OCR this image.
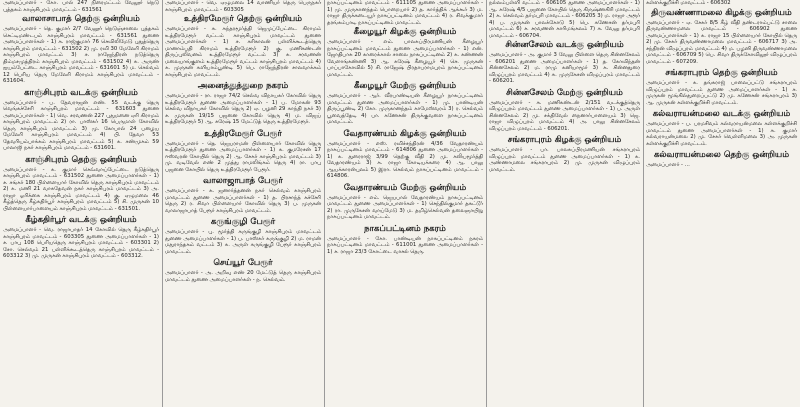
அமைப்பாளர் - கோ. பால் 247 நிரைமட்டம் வேலூர் நெடு புத்தகம் காஞ்சிபுரம் மாவட்டம் - 631561

வாலாசாபாத் தெற்கு ஒன்றியம்

அமைப்பாளர் - தெ. குமார் 2/7 வேலூர் நெடுஞ்சாலை புத்தகம் செட்டிமண்டபம் காஞ்சிபுரம் மாவட்டம் - 631561 துணை அமைப்பாளர்கள் - 1) சு. ராஜ்குமார் 76 செவிலிமேடு புதுத்தெரு காஞ்சிபுரம் மாவட்டம் - 631502 2) மு. ரவி 30 மேலேரி கிராமம் காஞ்சிபுரம் மாவட்டம் 3) ச. ராஜேந்திரன் நடுத்தெரு திம்மசமுத்திரம் காஞ்சிபுரம் மாவட்டம் - 631502 4) சு. அருண் ஐயம்பேட்டை காஞ்சிபுரம் மாவட்டம் - 631601 5) ம. செல்வம் 12 பெரிய தெரு மேலேரி கிராமம் காஞ்சிபுரம் மாவட்டம் - 631604.

காஞ்சிபுரம் வடக்கு ஒன்றியம்

அமைப்பாளர் - ப. தேவராஜன் எண். 55 வடக்கு தெரு வெங்கச்சேரி காஞ்சிபுரம் மாவட்டம் - 631603 துணை அமைப்பாளர்கள் - 1) வெ. சரவணன் 227 புதுமனை ஏரி கிராமம் காஞ்சிபுரம் மாவட்டம் 2) ரா. பாஸ்கர் 16 பெருமாள் கோவில் தெரு காஞ்சிபுரம் மாவட்டம் 3) மு. கோபால் 24 பழைய மேலேரி காஞ்சிபுரம் மாவட்டம் 4) பி. தேவா 53 தேவரியம்பாக்கம் காஞ்சிபுரம் மாவட்டம் 5) க. சண்முகம் 59 பாலாஜி நகர் காஞ்சிபுரம் மாவட்டம் - 631601.

காஞ்சிபுரம் தெற்கு ஒன்றியம்

அமைப்பாளர் - க. குமார் செவ்வாய்பேட்டை நடுத்தெரு காஞ்சிபுரம் மாவட்டம் - 631502 துணை அமைப்பாளர்கள் - 1) ச. சங்கர் 180 பிள்ளையார் கோவில் தெரு காஞ்சிபுரம் மாவட்டம் 2) க. மணி 21 வாசுதேவன் நகர் காஞ்சிபுரம் மாவட்டம் 3) அ. ராஜா ஓரிக்கை காஞ்சிபுரம் மாவட்டம் 4) கு. ஏழுமலை 46 கீழ்த்தெரு கீழ்கதிர்பூர் காஞ்சிபுரம் மாவட்டம் 5) சி. முருகன் 10 பிள்ளையார்பாளையம் காஞ்சிபுரம் மாவட்டம் - 631501.

கீழ்கதிர்பூர் வடக்கு ஒன்றியம்

அமைப்பாளர் - வெ. ராஜாபாதர் 14 கோவில் தெரு கீழ்கதிர்பூர் காஞ்சிபுரம் மாவட்டம் - 603305 துணை அமைப்பாளர்கள் - 1) ச. பாபு 108 பெரியதெரு காஞ்சிபுரம் மாவட்டம் - 603301 2) சோ. செல்வம் 21 பள்ளிக்கூடத்தெரு காஞ்சிபுரம் மாவட்டம் - 603312 3) மு. முருகன் காஞ்சிபுரம் மாவட்டம் - 603312.

அமைப்பாளர் - வெ. ஏழுமலை 14 வாணியர் தெரு பெருநகர் காஞ்சிபுரம் மாவட்டம் - 603305

உத்திரமேரூர் தெற்கு ஒன்றியம்

அமைப்பாளர் - சு. சுந்தரமூர்த்தி ஜெமுப்பேட்டை கிராமம் உத்திரமேரூர் வட்டம் காஞ்சிபுரம் மாவட்டம் துணை அமைப்பாளர்கள் - 1) ச. கரிகாலன் பள்ளிக்கூடத்தெரு மானாம்பதி கிராமம் உத்திரமேரூர் 2) கு. மணிகண்டன் திருப்புலிவனம் உத்திரமேரூர் வட்டம் 3) சு. சரவணன் மலையாங்குளம் உத்திரமேரூர் வட்டம் காஞ்சிபுரம் மாவட்டம் 4) க. முருகன் களியாம்பூண்டி 5) பெ. ராஜேந்திரன் சாலவாக்கம் காஞ்சிபுரம் மாவட்டம்.

அனைத்துத்துறை நகரம்

அமைப்பாளர் - ரா. ராஜா 74/2 செல்வ விநாயகர் கோவில் தெரு உத்திரமேரூர் துணை அமைப்பாளர்கள் - 1) ப. மோகன் 93 செல்வ விநாயகர் கோவில் தெரு 2) ஏ. பழனி 29 காந்தி நகர் 3) ச. முருகன் 19/15 பஜனை கோவில் தெரு 4) ம. விஜய் உத்திரமேரூர் 5) ஆ. சுரேஷ் 15 மேட்டுத் தெரு உத்திரமேரூர்.

உத்திரமேரூர் பேரூர்

அமைப்பாளர் - தெ. ஜெயராமன் பிள்ளையார் கோவில் தெரு உத்திரமேரூர் துணை அமைப்பாளர்கள் - 1) க. குமரேசன் 17 ஈஸ்வரன் கோயில் தெரு 2) ஆ. சேகர் காஞ்சிபுரம் மாவட்டம் 3) மு. வடிவேல் எண் 2 முத்து ராமலிங்கம் தெரு 4) ரா. பாபு பஜனை கோயில் தெரு உத்திரமேரூர் பேரூர்.

வாலாஜாபாத் பேரூர்

அமைப்பாளர் - க. ஜனார்த்தனன் நகர் செல்வம் காஞ்சிபுரம் மாவட்டம் துணை அமைப்பாளர்கள் - 1) த. பிரசாந்த் கச்சேரி தெரு 2) ர. சிவா பிள்ளையார் கோவில் தெரு 3) ப. முருகன் வாலாஜாபாத் பேரூர் காஞ்சிபுரம் மாவட்டம்.

கருங்குழி பேரூர்

அமைப்பாளர் - பு. மூர்த்தி கருங்குழி காஞ்சிபுரம் மாவட்டம் துணை அமைப்பாளர்கள் - 1) ப. பாஸ்கர் கருங்குழி 2) ம. ராமன் மதுராந்தகம் வட்டம் 3) க. அருள் கருங்குழி பேரூர் காஞ்சிபுரம் மாவட்டம்.

செய்யூர் பேரூர்

அமைப்பாளர் - அ. அறிவு எண் 20 மேட்டுத் தெரு காஞ்சிபுரம் மாவட்டம் துணை அமைப்பாளர்கள் - ந. செல்வம்.

நாகப்பட்டினம் மாவட்டம் - 611105 துணை அமைப்பாளர்கள் - 1) மு. முருகானந்தம் பொறையார் 2) த. கார்த்திக் ஆக்கூர் 3) ம. ராஜா திருக்கடையூர் நாகப்பட்டினம் மாவட்டம் 4) ர. சிவக்குமார் தரங்கம்பாடி நாகப்பட்டினம் மாவட்டம்.

கீழையூர் கிழக்கு ஒன்றியம்

அமைப்பாளர் - எம். பாலசுப்பிரமணியன் கீழையூர் நாகப்பட்டினம் மாவட்டம் துணை அமைப்பாளர்கள் - 1) என். ஜோதிபாசு 20 காரைக்கால் சாலை நாகப்பட்டினம் 2) க. கண்ணன் வேளாங்கண்ணி 3) ஆ. சுரேஷ் கீழையூர் 4) செ. முருகன் பாப்பாகோவில் 5) சி. ராஜேஷ் பிரதாபராமபுரம் நாகப்பட்டினம் மாவட்டம்.

கீழையூர் மேற்கு ஒன்றியம்

அமைப்பாளர் - ஆர். வீரபாண்டியன் கீழையூர் நாகப்பட்டினம் மாவட்டம் துணை அமைப்பாளர்கள் - 1) மு. பாண்டியன் திருப்பூண்டி 2) கோ. முருகானந்தம் காமேஸ்வரம் 3) ர. செல்வம் பூவைத்தேடி 4) பா. கணேசன் திருக்குவளை நாகப்பட்டினம் மாவட்டம்.

வேதாரண்யம் கிழக்கு ஒன்றியம்

அமைப்பாளர் - எஸ். ரவிச்சந்திரன் 4/36 வேதாரண்யம் நாகப்பட்டினம் மாவட்டம் - 614806 துணை அமைப்பாளர்கள் - 1) க. துரைராஜ் 3/99 தெற்கு வீதி 2) மு. கலியமூர்த்தி வேதாரண்யம் 3) சு. ராஜா கோடியக்கரை 4) ஆ. பாலு ஆயக்காரன்புலம் 5) இரா. செல்வம் நாகப்பட்டினம் மாவட்டம் - 614806.

வேதாரண்யம் மேற்கு ஒன்றியம்

அமைப்பாளர் - எம். ஜெயபால் வேதாரண்யம் நாகப்பட்டினம் மாவட்டம் துணை அமைப்பாளர்கள் - 1) செந்தில்குமார் தகட்டூர் 2) ரா. முருகேசன் வாய்மேடு 3) ம. தமிழ்செல்வன் தலைஞாயிறு நாகப்பட்டினம் மாவட்டம்.

நாகப்பட்டினம் நகரம்

அமைப்பாளர் - கோ. பாண்டியன் நாகப்பட்டினம் நகரம் நாகப்பட்டினம் மாவட்டம் - 611001 துணை அமைப்பாளர்கள் - 1) ச. ராஜா 23/3 கோட்டை வாசல் தெரு.

நல்லம்பள்ளி வட்டம் - 606105 துணை அமைப்பாளர்கள் - 1) ஆ. சுரேஷ் 4/5 பஜனை கோயில் தெரு கிருஷ்ணகிரி மாவட்டம் 2) க. செல்வம் தர்மபுரி மாவட்டம் - 606205 3) ம. ராஜா அரூர் 4) ப. முருகன் பாலக்கோடு 5) பெ. கணேசன் தர்மபுரி மாவட்டம் 6) ச. சரவணன் காரிமங்கலம் 7) சு. வேலு தர்மபுரி மாவட்டம் - 606704.

சின்னசேலம் வடக்கு ஒன்றியம்

அமைப்பாளர் - அ. குமார் 3 வேலு பிள்ளை தெரு சின்னசேலம் - 606201 துணை அமைப்பாளர்கள் - 1) த. கோவிந்தன் சின்னசேலம் 2) ம. ராமு கனியாமூர் 3) க. சின்னதுரை விழுப்புரம் மாவட்டம் 4) சு. முருகேசன் விழுப்புரம் மாவட்டம் - 606201.

சின்னசேலம் மேற்கு ஒன்றியம்

அமைப்பாளர் - சு. மணிகண்டன் 2/151 வடக்குத்தெரு விழுப்புரம் மாவட்டம் துணை அமைப்பாளர்கள் - 1) ப. அருள் சின்னசேலம் 2) மு. சக்திவேல் நைனார்பாளையம் 3) ஜெ. ராஜா விழுப்புரம் மாவட்டம் 4) அ. பாலு சின்னசேலம் விழுப்புரம் மாவட்டம் - 606201.

சங்கராபுரம் கிழக்கு ஒன்றியம்

அமைப்பாளர் - பா. பாலசுப்பிரமணியன் சங்கராபுரம் விழுப்புரம் மாவட்டம் துணை அமைப்பாளர்கள் - 1) க. அண்ணாமலை சங்கராபுரம் 2) மு. முருகன் விழுப்புரம் மாவட்டம்.

கள்ளக்குறிச்சி மாவட்டம் - 606302

திருவண்ணாமலை கிழக்கு ஒன்றியம்

அமைப்பாளர் - ஏ. சேகர் 8/5 கீழ் வீதி தண்டராம்பட்டு சாலை திருவண்ணாமலை மாவட்டம் - 606902 துணை அமைப்பாளர்கள் - 1) க. ராஜா 15 பிள்ளையார் கோயில் தெரு 2) மு. சேகர் திருவண்ணாமலை மாவட்டம் - 606717 3) அ. சந்திரன் விழுப்புரம் மாவட்டம் 4) ம. பழனி திருவண்ணாமலை மாவட்டம் - 606709 5) பெ. சிவா திருக்கோவிலூர் விழுப்புரம் மாவட்டம் - 607209.

சங்கராபுரம் தெற்கு ஒன்றியம்

அமைப்பாளர் - க. தங்கராஜ் பாலைப்பட்டு சங்கராபுரம் விழுப்புரம் மாவட்டம் துணை அமைப்பாளர்கள் - 1) ச. முருகன் மூங்கில்துறைப்பட்டு 2) மு. கணேசன் சங்கராபுரம் 3) ஆ. முருகன் கள்ளக்குறிச்சி மாவட்டம்.

கல்வராயன்மலை வடக்கு ஒன்றியம்

அமைப்பாளர் - ப. பரமசிவம் கல்வராயன்மலை கள்ளக்குறிச்சி மாவட்டம் துணை அமைப்பாளர்கள் - 1) சு. குமார் கல்வராயன்மலை 2) மு. சேகர் வெள்ளிமலை 3) அ. முருகன் கள்ளக்குறிச்சி மாவட்டம்.

கல்வராயன்மலை தெற்கு ஒன்றியம்

அமைப்பாளர் - …
